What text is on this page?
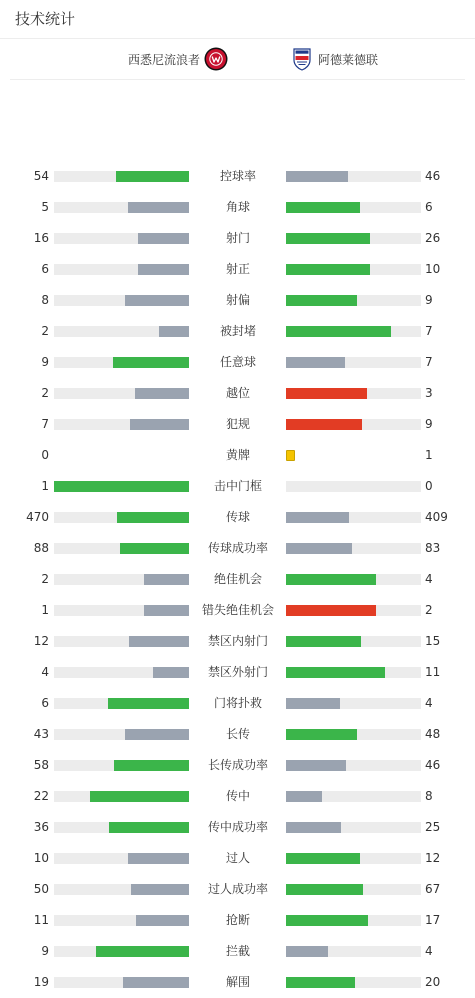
技术统计
西悉尼流浪者	阿德莱德联
54	控球率	46
5	角球	6
16	射门	26
6	射正	10
8	射偏	9
2	被封堵	7
9	任意球	7
2	越位	3
7	犯规	9
0	黄牌	1
1	击中门框	0
470	传球	409
88	传球成功率	83
2	绝佳机会	4
1	错失绝佳机会	2
12	禁区内射门	15
4	禁区外射门	11
6	门将扑救	4
43	长传	48
58	长传成功率	46
22	传中	8
36	传中成功率	25
10	过人	12
50	过人成功率	67
11	抢断	17
9	拦截	4
19	解围	20
